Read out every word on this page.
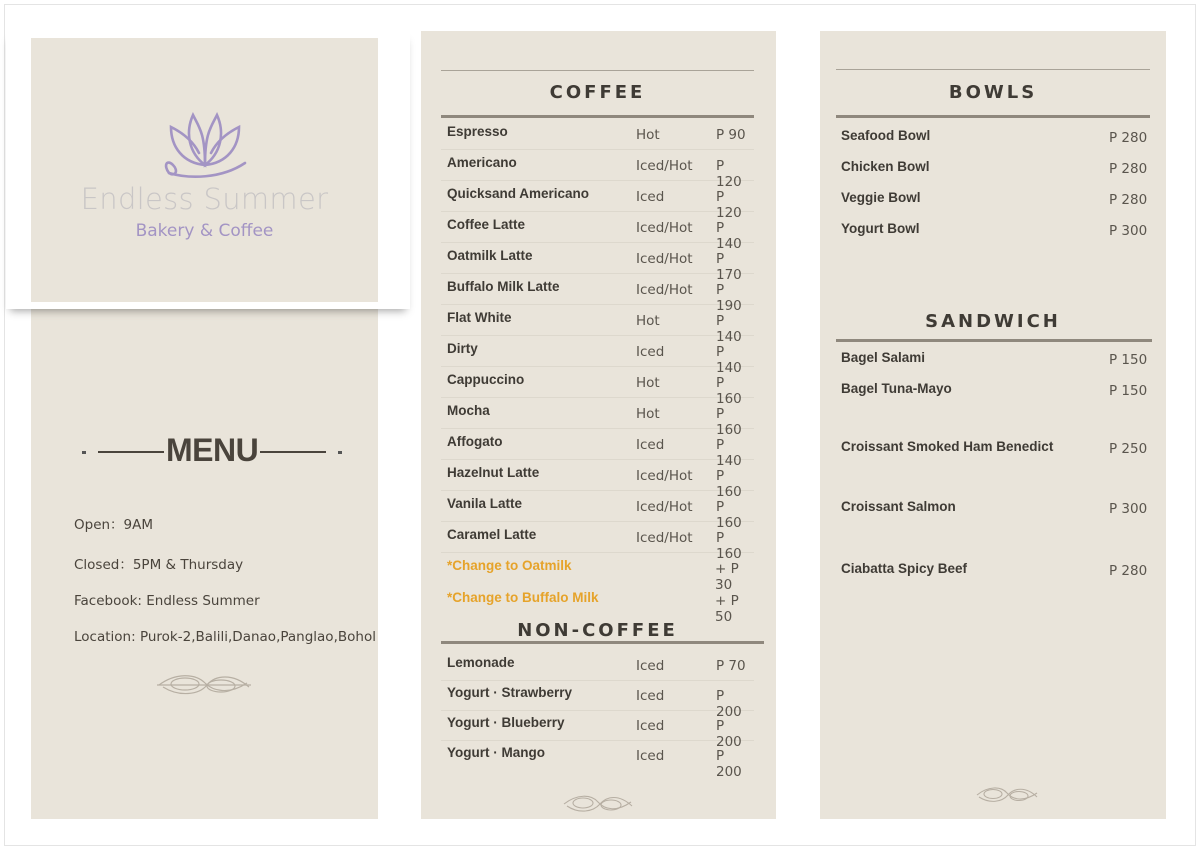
MENU
Open：9AM
Closed：5PM & Thursday
Facebook: Endless Summer
Location: Purok-2,Balili,Danao,Panglao,Bohol
Endless Summer
Bakery & Coffee
COFFEE
Espresso	Hot	P 90
Americano	Iced/Hot P 120
Quicksand Americano	Iced	P 120
Coffee Latte	Iced/Hot P 140
Oatmilk Latte	Iced/Hot P 170
Buffalo Milk Latte	Iced/Hot P 190
Flat White	Hot	P 140
Dirty	Iced	P 140
Cappuccino	Hot	P 160
Mocha	Hot	P 160
Affogato	Iced	P 140
Hazelnut Latte	Iced/Hot P 160
Vanila Latte	Iced/Hot P 160
Caramel Latte	Iced/Hot P 160
*Change to Oatmilk	+ P 30
*Change to Buffalo Milk	+ P 50
NON-COFFEE
Lemonade	Iced	P 70
Yogurt · Strawberry	Iced	P 200
Yogurt · Blueberry	Iced	P 200
Yogurt · Mango	Iced	P 200
BOWLS
Seafood Bowl	P 280
Chicken Bowl	P 280
Veggie Bowl	P 280
Yogurt Bowl	P 300
SANDWICH
Bagel Salami	P 150
Bagel Tuna-Mayo	P 150
Croissant Smoked Ham Benedict	P 250
Croissant Salmon	P 300
Ciabatta Spicy Beef	P 280
